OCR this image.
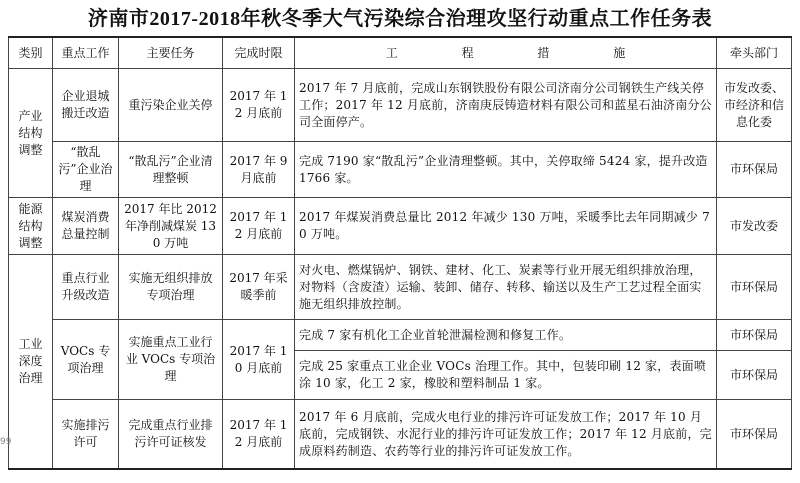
济南市2017-2018年秋冬季大气污染综合治理攻坚行动重点工作任务表
类别	重点工作	主要任务	完成时限	工 程 措 施	牵头部门
产业结构调整	企业退城搬迁改造	重污染企业关停	2017 年 12 月底前	2017 年 7 月底前，完成山东钢铁股份有限公司济南分公司钢铁生产线关停工作；2017 年 12 月底前，济南庚辰铸造材料有限公司和蓝星石油济南分公司全面停产。	市发改委、市经济和信息化委
	“散乱污”企业治理	“散乱污”企业清理整顿	2017 年 9 月底前	完成 7190 家“散乱污”企业清理整顿。其中，关停取缔 5424 家，提升改造 1766 家。	市环保局
能源结构调整	煤炭消费总量控制	2017 年比 2012 年净削减煤炭 130 万吨	2017 年 12 月底前	2017 年煤炭消费总量比 2012 年减少 130 万吨，采暖季比去年同期减少 70 万吨。	市发改委
工业深度治理	重点行业升级改造	实施无组织排放专项治理	2017 年采暖季前	对火电、燃煤锅炉、钢铁、建材、化工、炭素等行业开展无组织排放治理，对物料（含废渣）运输、装卸、储存、转移、输送以及生产工艺过程全面实施无组织排放控制。	市环保局
	VOCs 专项治理	实施重点工业行业 VOCs 专项治理	2017 年 10 月底前	完成 7 家有机化工企业首轮泄漏检测和修复工作。	市环保局
				完成 25 家重点工业企业 VOCs 治理工作。其中，包装印刷 12 家，表面喷涂 10 家，化工 2 家，橡胶和塑料制品 1 家。	市环保局
	实施排污许可	完成重点行业排污许可证核发	2017 年 12 月底前	2017 年 6 月底前，完成火电行业的排污许可证发放工作；2017 年 10 月底前，完成钢铁、水泥行业的排污许可证发放工作；2017 年 12 月底前，完成原料药制造、农药等行业的排污许可证发放工作。	市环保局
99
